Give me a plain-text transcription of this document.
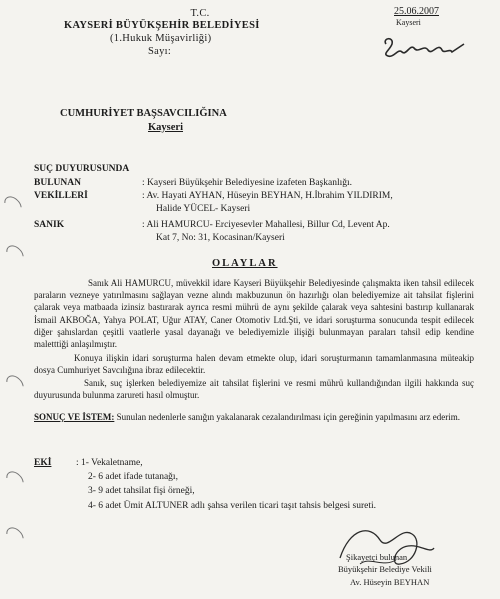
T.C.
KAYSERİ BÜYÜKŞEHİR BELEDİYESİ
(1.Hukuk Müşavirliği)
Sayı:
25.06.2007
Kayseri
CUMHURİYET BAŞSAVCILIĞINA
Kayseri
SUÇ DUYURUSUNDA
BULUNAN	: Kayseri Büyükşehir Belediyesine izafeten Başkanlığı.
VEKİLLERİ	: Av. Hayati AYHAN, Hüseyin BEYHAN, H.İbrahim YILDIRIM,
Halide YÜCEL- Kayseri
SANIK	: Ali HAMURCU- Erciyesevler Mahallesi, Billur Cd, Levent Ap.
Kat 7, No: 31, Kocasinan/Kayseri
OLAYLAR
Sanık Ali HAMURCU, müvekkil idare Kayseri Büyükşehir Belediyesinde çalışmakta iken tahsil edilecek paraların vezneye yatırılmasını sağlayan vezne alındı makbuzunun ön hazırlığı olan belediyemize ait tahsilat fişlerini çalarak veya matbaada izinsiz bastırarak ayrıca resmi mührü de aynı şekilde çalarak veya sahtesini bastırıp kullanarak İsmail AKBOĞA, Yahya POLAT, Uğur ATAY, Caner Otomotiv Ltd.Şti, ve idari soruşturma sonucunda tespit edilecek diğer şahıslardan çeşitli vaatlerle yasal dayanağı ve belediyemizle ilişiği bulunmayan paraları tahsil edip kendine maletttiği anlaşılmıştır.
Konuya ilişkin idari soruşturma halen devam etmekte olup, idari soruşturmanın tamamlanmasına müteakip dosya Cumhuriyet Savcılığına ibraz edilecektir.
Sanık, suç işlerken belediyemize ait tahsilat fişlerini ve resmi mührü kullandığından ilgili hakkında suç duyurusunda bulunma zarureti hasıl olmuştur.
SONUÇ VE İSTEM: Sunulan nedenlerle sanığın yakalanarak cezalandırılması için gereğinin yapılmasını arz ederim.
EKİ	: 1- Vekaletname,
2- 6 adet ifade tutanağı,
3- 9 adet tahsilat fişi örneği,
4- 6 adet Ümit ALTUNER adlı şahsa verilen ticari taşıt tahsis belgesi sureti.
Şikayetçi bulunan
Büyükşehir Belediye Vekili
Av. Hüseyin BEYHAN
